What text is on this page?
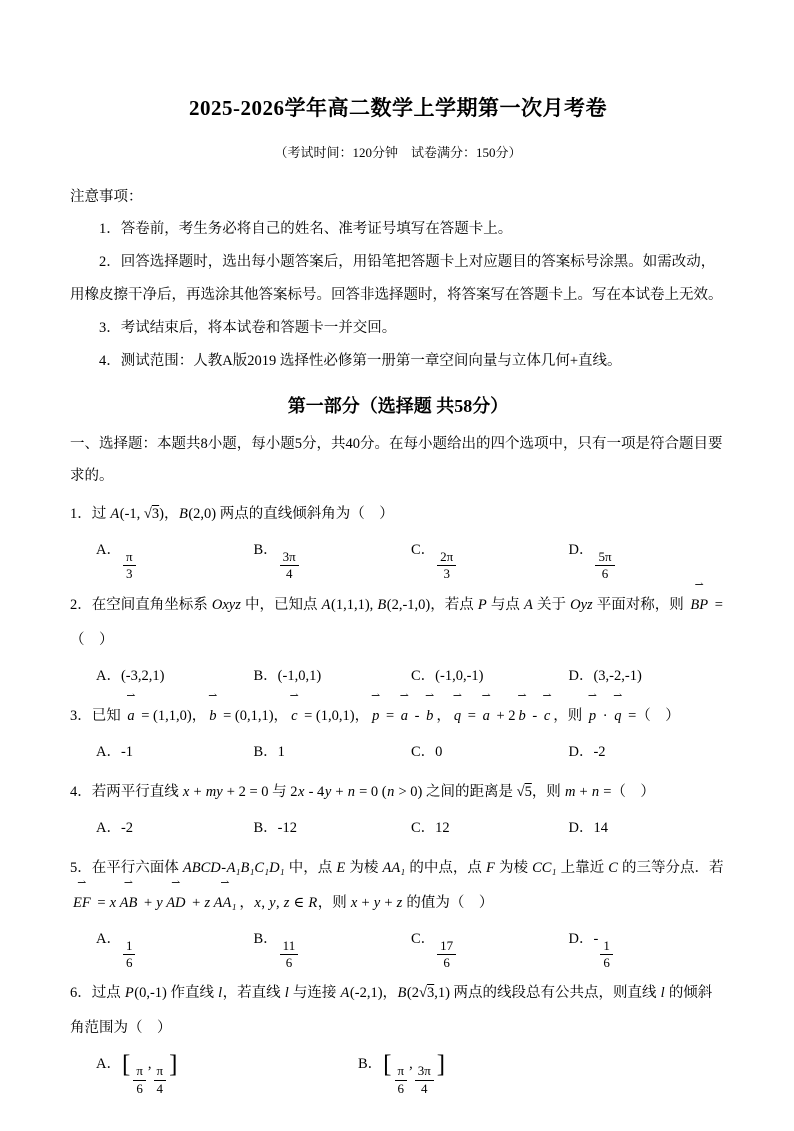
2025-2026学年高二数学上学期第一次月考卷

（考试时间：120分钟　试卷满分：150分）

注意事项：

1．答卷前，考生务必将自己的姓名、准考证号填写在答题卡上。

2．回答选择题时，选出每小题答案后，用铅笔把答题卡上对应题目的答案标号涂黑。如需改动，用橡皮擦干净后，再选涂其他答案标号。回答非选择题时，将答案写在答题卡上。写在本试卷上无效。

3．考试结束后，将本试卷和答题卡一并交回。

4．测试范围：人教A版2019 选择性必修第一册第一章空间向量与立体几何+直线。

第一部分（选择题 共58分）

一、选择题：本题共8小题，每小题5分，共40分。在每小题给出的四个选项中，只有一项是符合题目要求的。

1．过 A(-1, √3)，B(2,0) 两点的直线倾斜角为（　）

A． $\frac{\pi}{3}$	B． $\frac{3\pi}{4}$	C． $\frac{2\pi}{3}$	D． $\frac{5\pi}{6}$

2．在空间直角坐标系 Oxyz 中，已知点 A(1,1,1), B(2,-1,0)，若点 P 与点 A 关于 Oyz 平面对称，则 BP ⇀ =（　）

A．(-3,2,1)	B．(-1,0,1)	C．(-1,0,-1)	D．(3,-2,-1)

3．已知 a ⇀ = (1,1,0)， b ⇀ = (0,1,1)， c ⇀ = (1,0,1)， p ⇀ = a ⇀ - b ⇀ ， q ⇀ = a ⇀ + 2 b ⇀ - c ⇀ ，则 p ⇀ · q ⇀ =（　）

A．-1	B．1	C．0	D．-2

4．若两平行直线 x + my + 2 = 0 与 2x - 4y + n = 0 (n > 0) 之间的距离是 √5，则 m + n =（　）

A．-2	B．-12	C．12	D．14

5．在平行六面体 ABCD-A₁B₁C₁D₁ 中，点 E 为棱 AA₁ 的中点，点 F 为棱 CC₁ 上靠近 C 的三等分点．若 EF ⇀ = x AB ⇀ + y AD ⇀ + z AA₁ ⇀ ，x, y, z ∈ R，则 x + y + z 的值为（　）

A． $\frac{1}{6}$	B． $\frac{11}{6}$	C． $\frac{17}{6}$	D．- $\frac{1}{6}$

6．过点 P(0,-1) 作直线 l，若直线 l 与连接 A(-2,1)，B(2√3,1) 两点的线段总有公共点，则直线 l 的倾斜角范围为（　）

A．[ $\frac{\pi}{6}$ , $\frac{\pi}{4}$ ]	B．[ $\frac{\pi}{6}$ , $\frac{3\pi}{4}$ ]
